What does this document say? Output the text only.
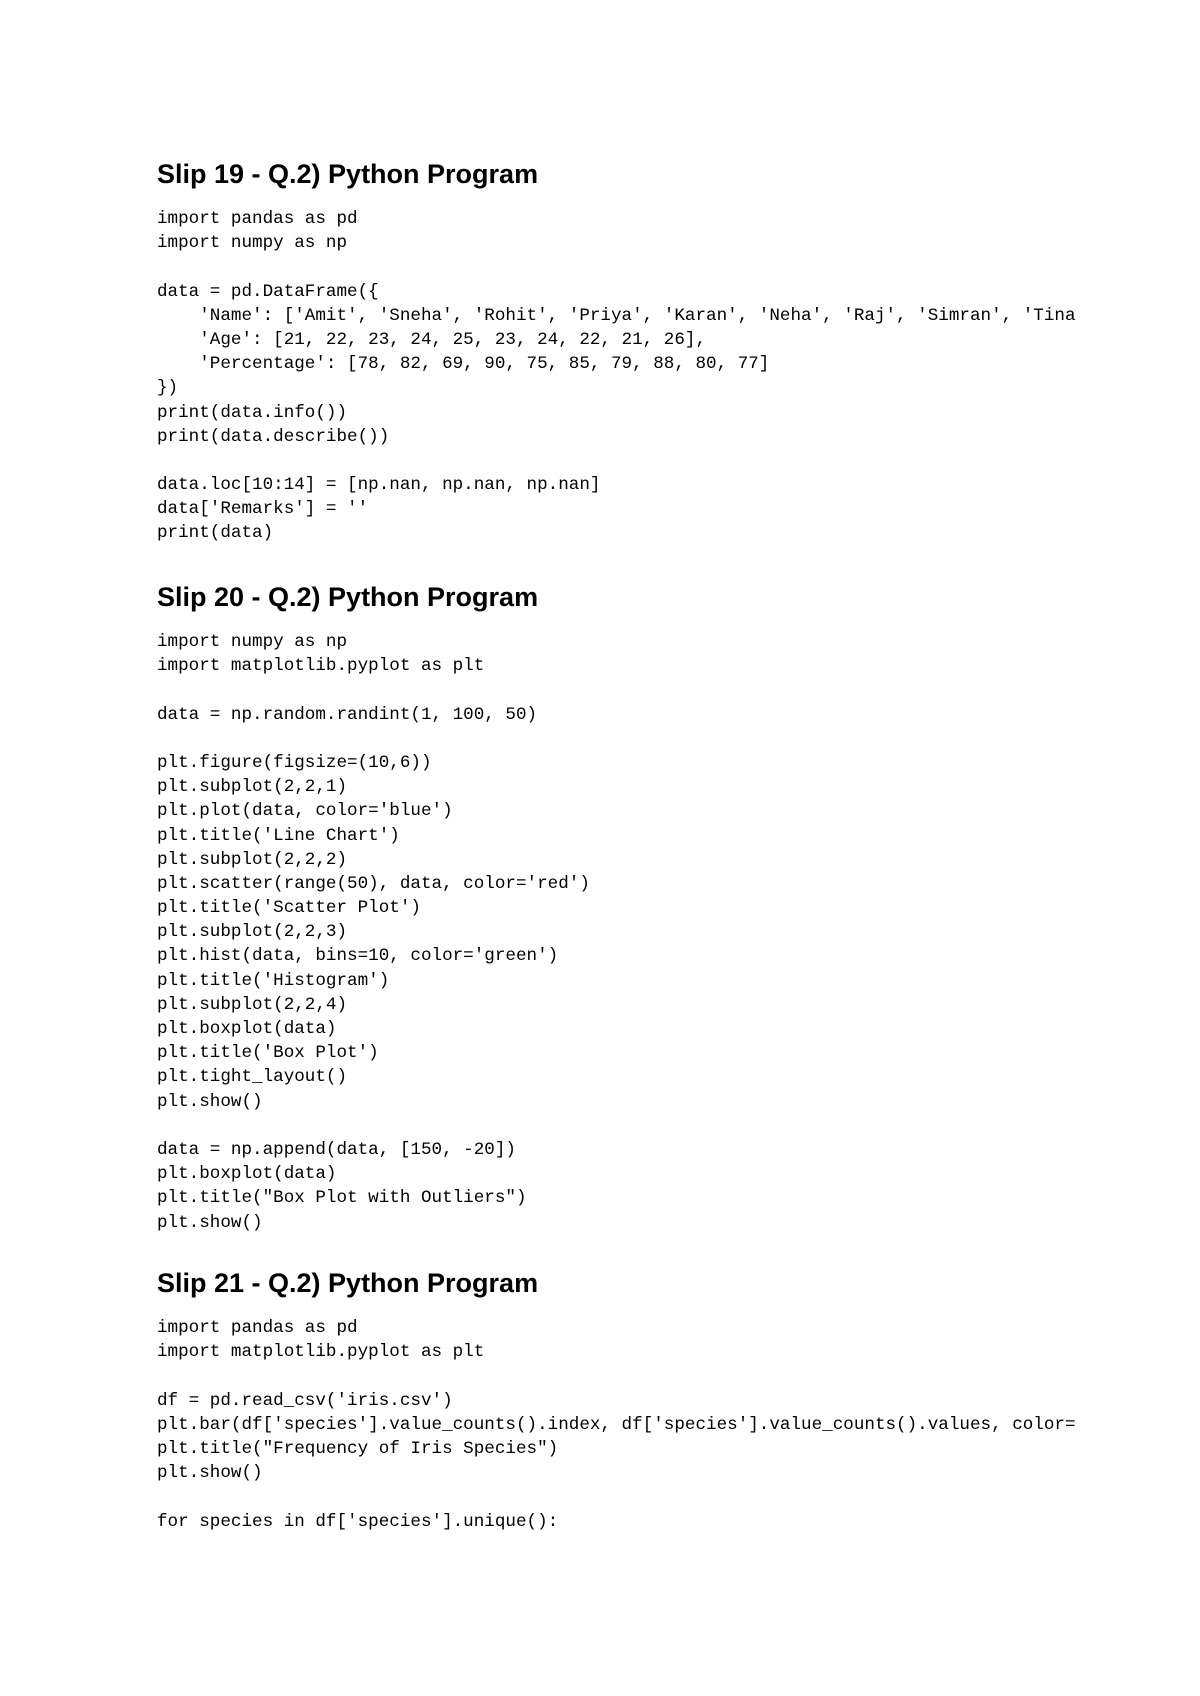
Slip 19 - Q.2) Python Program
import pandas as pd
import numpy as np
data = pd.DataFrame({
'Name': ['Amit', 'Sneha', 'Rohit', 'Priya', 'Karan', 'Neha', 'Raj', 'Simran', 'Tina
'Age': [21, 22, 23, 24, 25, 23, 24, 22, 21, 26],
'Percentage': [78, 82, 69, 90, 75, 85, 79, 88, 80, 77]
})
print(data.info())
print(data.describe())
data.loc[10:14] = [np.nan, np.nan, np.nan]
data['Remarks'] = ''
print(data)
Slip 20 - Q.2) Python Program
import numpy as np
import matplotlib.pyplot as plt
data = np.random.randint(1, 100, 50)
plt.figure(figsize=(10,6))
plt.subplot(2,2,1)
plt.plot(data, color='blue')
plt.title('Line Chart')
plt.subplot(2,2,2)
plt.scatter(range(50), data, color='red')
plt.title('Scatter Plot')
plt.subplot(2,2,3)
plt.hist(data, bins=10, color='green')
plt.title('Histogram')
plt.subplot(2,2,4)
plt.boxplot(data)
plt.title('Box Plot')
plt.tight_layout()
plt.show()
data = np.append(data, [150, -20])
plt.boxplot(data)
plt.title("Box Plot with Outliers")
plt.show()
Slip 21 - Q.2) Python Program
import pandas as pd
import matplotlib.pyplot as plt
df = pd.read_csv('iris.csv')
plt.bar(df['species'].value_counts().index, df['species'].value_counts().values, color=
plt.title("Frequency of Iris Species")
plt.show()
for species in df['species'].unique():
